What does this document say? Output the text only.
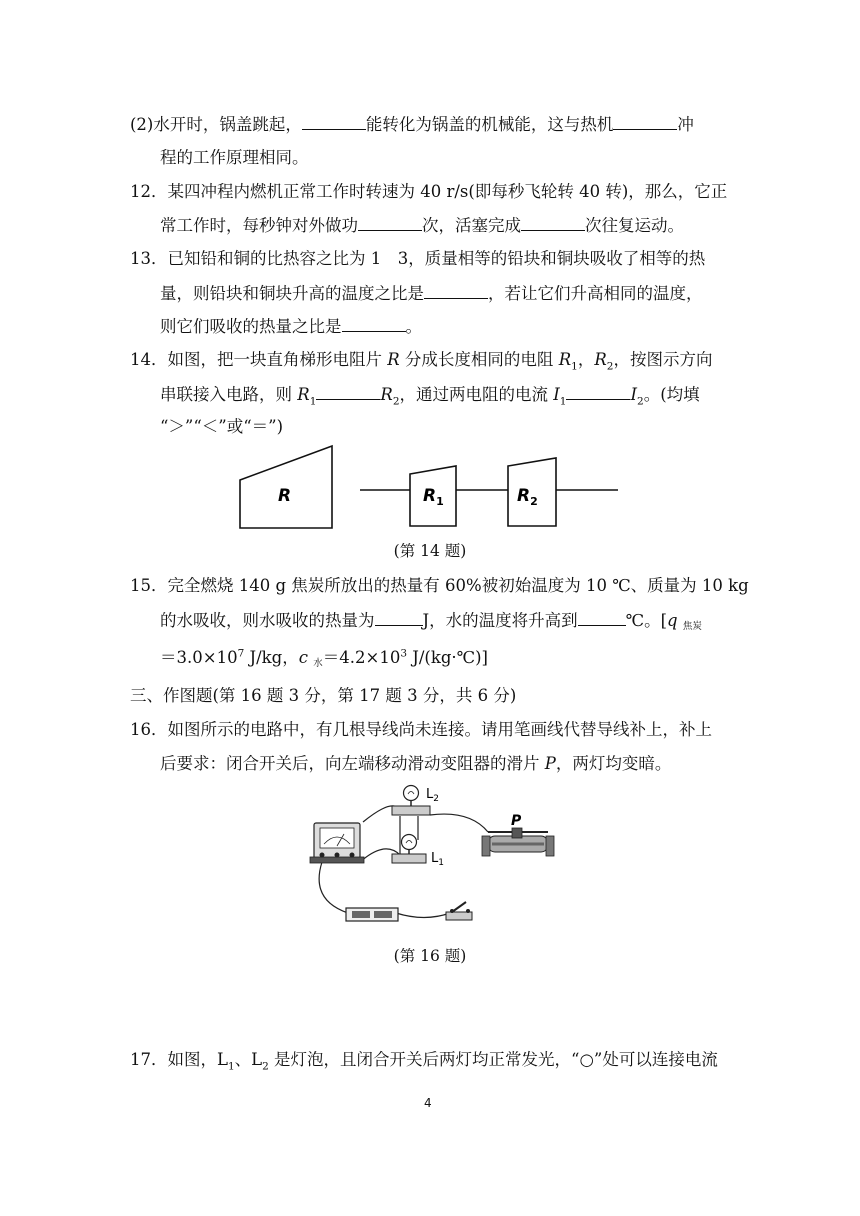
(2)水开时，锅盖跳起，	能转化为锅盖的机械能，这与热机	冲
程的工作原理相同。
12．某四冲程内燃机正常工作时转速为 40 r/s(即每秒飞轮转 40 转)，那么，它正
常工作时，每秒钟对外做功	次，活塞完成	次往复运动。
13．已知铅和铜的比热容之比为 1　3，质量相等的铅块和铜块吸收了相等的热
量，则铅块和铜块升高的温度之比是	，若让它们升高相同的温度，
则它们吸收的热量之比是	。
14．如图，把一块直角梯形电阻片 R 分成长度相同的电阻 $R_1$，$R_2$，按图示方向
串联接入电路，则 $R_1$	$R_2$，通过两电阻的电流 $I_1$	$I_2$。(均填
“＞”“＜”或“＝”)
R	$R_1$	$R_2$
(第 14 题)
15．完全燃烧 140 g 焦炭所放出的热量有 60%被初始温度为 10 ℃、质量为 10 kg
的水吸收，则水吸收的热量为	J，水的温度将升高到	℃。[q 焦炭
$=3.0\times 10^7$ J/kg，c 水$=4.2\times 10^3$ J/(kg·℃)]
三、作图题(第 16 题 3 分，第 17 题 3 分，共 6 分)
16．如图所示的电路中，有几根导线尚未连接。请用笔画线代替导线补上，补上
后要求：闭合开关后，向左端移动滑动变阻器的滑片 P，两灯均变暗。
$L_2$
$L_1$
P
(第 16 题)
17．如图，$L_1$、$L_2$ 是灯泡，且闭合开关后两灯均正常发光，“○”处可以连接电流
4
